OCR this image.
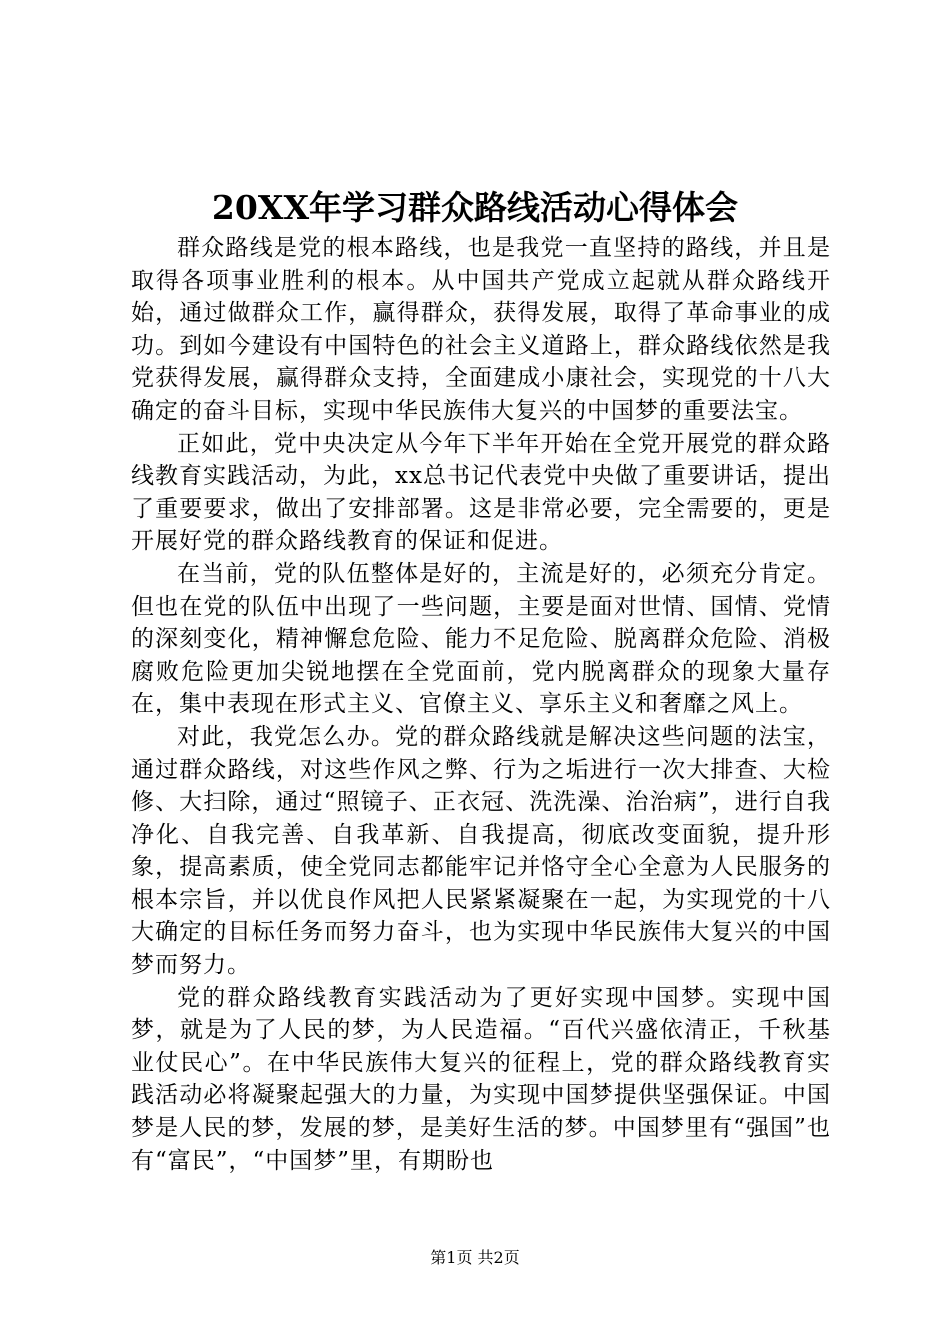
20XX年学习群众路线活动心得体会

群众路线是党的根本路线，也是我党一直坚持的路线，并且是取得各项事业胜利的根本。从中国共产党成立起就从群众路线开始，通过做群众工作，赢得群众，获得发展，取得了革命事业的成功。到如今建设有中国特色的社会主义道路上，群众路线依然是我党获得发展，赢得群众支持，全面建成小康社会，实现党的十八大确定的奋斗目标，实现中华民族伟大复兴的中国梦的重要法宝。

正如此，党中央决定从今年下半年开始在全党开展党的群众路线教育实践活动，为此，xx总书记代表党中央做了重要讲话，提出了重要要求，做出了安排部署。这是非常必要，完全需要的，更是开展好党的群众路线教育的保证和促进。

在当前，党的队伍整体是好的，主流是好的，必须充分肯定。但也在党的队伍中出现了一些问题，主要是面对世情、国情、党情的深刻变化，精神懈怠危险、能力不足危险、脱离群众危险、消极腐败危险更加尖锐地摆在全党面前，党内脱离群众的现象大量存在，集中表现在形式主义、官僚主义、享乐主义和奢靡之风上。

对此，我党怎么办。党的群众路线就是解决这些问题的法宝，通过群众路线，对这些作风之弊、行为之垢进行一次大排查、大检修、大扫除，通过“照镜子、正衣冠、洗洗澡、治治病”，进行自我净化、自我完善、自我革新、自我提高，彻底改变面貌，提升形象，提高素质，使全党同志都能牢记并恪守全心全意为人民服务的根本宗旨，并以优良作风把人民紧紧凝聚在一起，为实现党的十八大确定的目标任务而努力奋斗，也为实现中华民族伟大复兴的中国梦而努力。

党的群众路线教育实践活动为了更好实现中国梦。实现中国梦，就是为了人民的梦，为人民造福。“百代兴盛依清正，千秋基业仗民心”。在中华民族伟大复兴的征程上，党的群众路线教育实践活动必将凝聚起强大的力量，为实现中国梦提供坚强保证。中国梦是人民的梦，发展的梦，是美好生活的梦。中国梦里有“强国”也有“富民”，“中国梦”里，有期盼也

第1页 共2页
